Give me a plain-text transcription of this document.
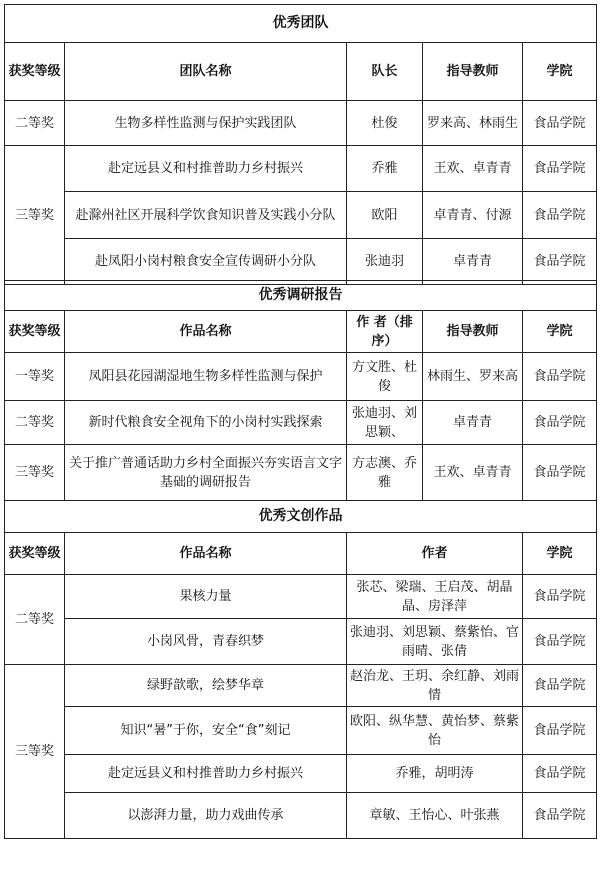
优秀团队				
获奖等级	团队名称	队长	指导教师	学院
二等奖	生物多样性监测与保护实践团队	杜俊	罗来高、林雨生	食品学院
三等奖	赴定远县义和村推普助力乡村振兴	乔雅	王欢、卓青青	食品学院
	赴滁州社区开展科学饮食知识普及实践小分队	欧阳	卓青青、付源	食品学院
	赴凤阳小岗村粮食安全宣传调研小分队	张迪羽	卓青青	食品学院
优秀调研报告				
获奖等级	作品名称	作 者（排序）	指导教师	学院
一等奖	凤阳县花园湖湿地生物多样性监测与保护	方文胜、杜俊	林雨生、罗来高	食品学院
二等奖	新时代粮食安全视角下的小岗村实践探索	张迪羽、刘思颖、	卓青青	食品学院
三等奖	关于推广普通话助力乡村全面振兴夯实语言文字基础的调研报告	方志澳、乔雅	王欢、卓青青	食品学院
优秀文创作品			
获奖等级	作品名称	作者	学院
二等奖	果核力量	张芯、梁瑞、王启茂、胡晶晶、房泽萍	食品学院
	小岗风骨，青春织梦	张迪羽、刘思颖、蔡紫怡、官雨晴、张倩	食品学院
三等奖	绿野歆歌，绘梦华章	赵治龙、王玥、余红静、刘雨情	食品学院
	知识“暑”于你，安全“食”刻记	欧阳、纵华慧、黄怡梦、蔡紫怡	食品学院
	赴定远县义和村推普助力乡村振兴	乔雅，胡明涛	食品学院
	以澎湃力量，助力戏曲传承	章敏、王怡心、叶张燕	食品学院
